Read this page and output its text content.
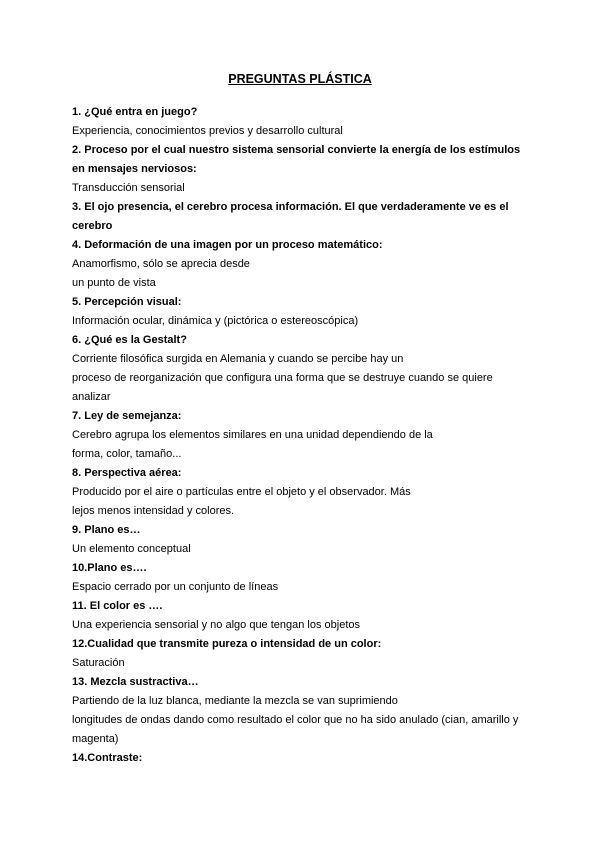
PREGUNTAS PLÁSTICA
1. ¿Qué entra en juego?
Experiencia, conocimientos previos y desarrollo cultural
2. Proceso por el cual nuestro sistema sensorial convierte la energía de los estímulos
en mensajes nerviosos:
Transducción sensorial
3. El ojo presencia, el cerebro procesa información. El que verdaderamente ve es el
cerebro
4. Deformación de una imagen por un proceso matemático:
Anamorfismo, sólo se aprecia desde
un punto de vista
5. Percepción visual:
Información ocular, dinámica y (pictórica o estereoscópica)
6. ¿Qué es la Gestalt?
Corriente filosófica surgida en Alemania y cuando se percibe hay un
proceso de reorganización que configura una forma que se destruye cuando se quiere
analizar
7. Ley de semejanza:
Cerebro agrupa los elementos similares en una unidad dependiendo de la
forma, color, tamaño...
8. Perspectiva aérea:
Producido por el aire o partículas entre el objeto y el observador. Más
lejos menos intensidad y colores.
9. Plano es…
Un elemento conceptual
10.Plano es….
Espacio cerrado por un conjunto de líneas
11. El color es ….
Una experiencia sensorial y no algo que tengan los objetos
12.Cualidad que transmite pureza o intensidad de un color:
Saturación
13. Mezcla sustractiva…
Partiendo de la luz blanca, mediante la mezcla se van suprimiendo
longitudes de ondas dando como resultado el color que no ha sido anulado (cian, amarillo y
magenta)
14.Contraste:
